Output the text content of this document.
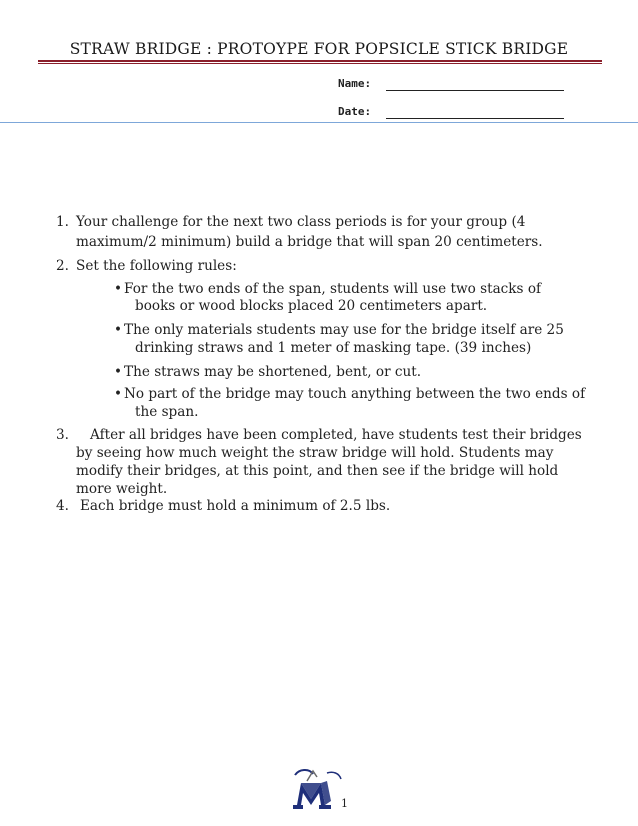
STRAW BRIDGE : PROTOYPE FOR POPSICLE STICK BRIDGE
Name:
Date:
1. Your challenge for the next two class periods is for your group (4
maximum/2 minimum) build a bridge that will span 20 centimeters.
2. Set the following rules:
• For the two ends of the span, students will use two stacks of
books or wood blocks placed 20 centimeters apart.
• The only materials students may use for the bridge itself are 25
drinking straws and 1 meter of masking tape. (39 inches)
• The straws may be shortened, bent, or cut.
• No part of the bridge may touch anything between the two ends of
the span.
3. After all bridges have been completed, have students test their bridges
by seeing how much weight the straw bridge will hold. Students may
modify their bridges, at this point, and then see if the bridge will hold
more weight.
4. Each bridge must hold a minimum of 2.5 lbs.
1
